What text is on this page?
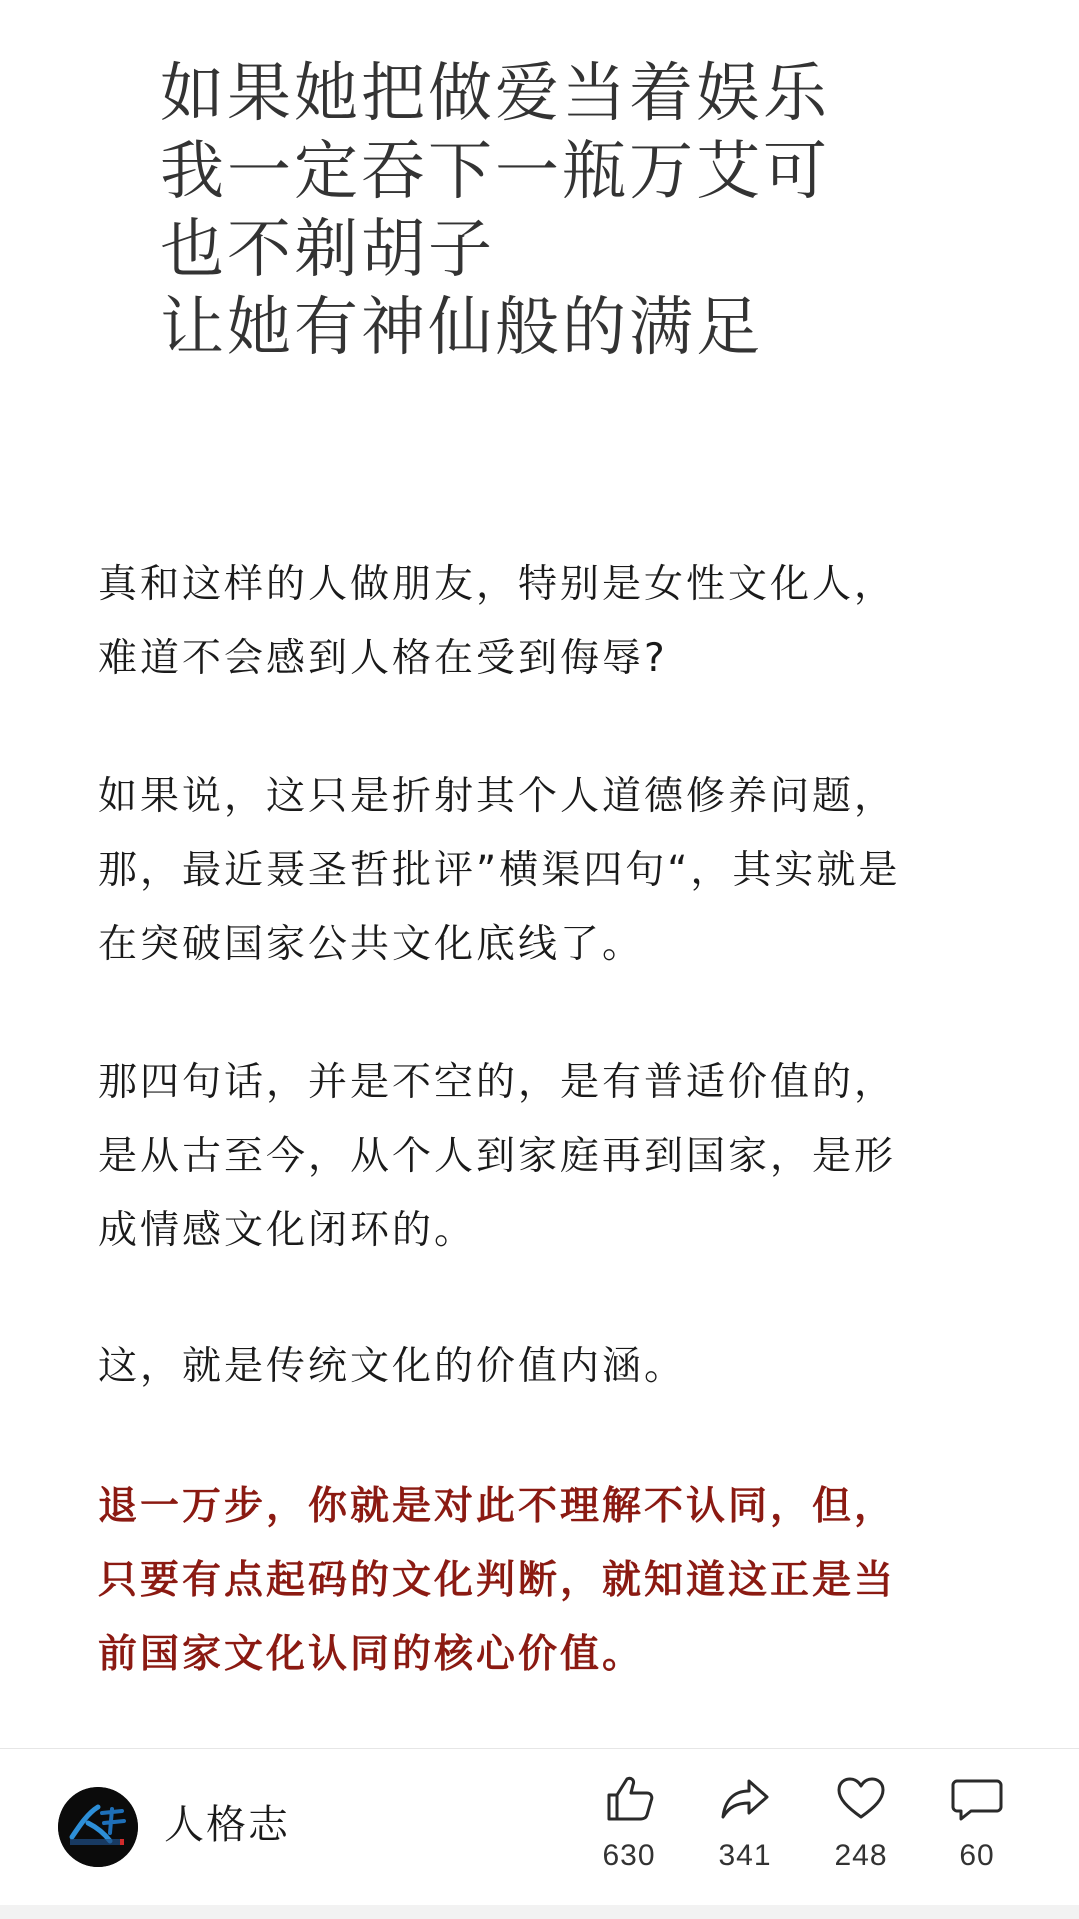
如果她把做爱当着娱乐
我一定吞下一瓶万艾可
也不剃胡子
让她有神仙般的满足

真和这样的人做朋友，特别是女性文化人，
难道不会感到人格在受到侮辱?

如果说，这只是折射其个人道德修养问题，
那，最近聂圣哲批评”横渠四句“，其实就是
在突破国家公共文化底线了。

那四句话，并是不空的，是有普适价值的，
是从古至今，从个人到家庭再到国家，是形
成情感文化闭环的。

这，就是传统文化的价值内涵。

退一万步，你就是对此不理解不认同，但，
只要有点起码的文化判断，就知道这正是当
前国家文化认同的核心价值。

人格志
630	341	248	60
